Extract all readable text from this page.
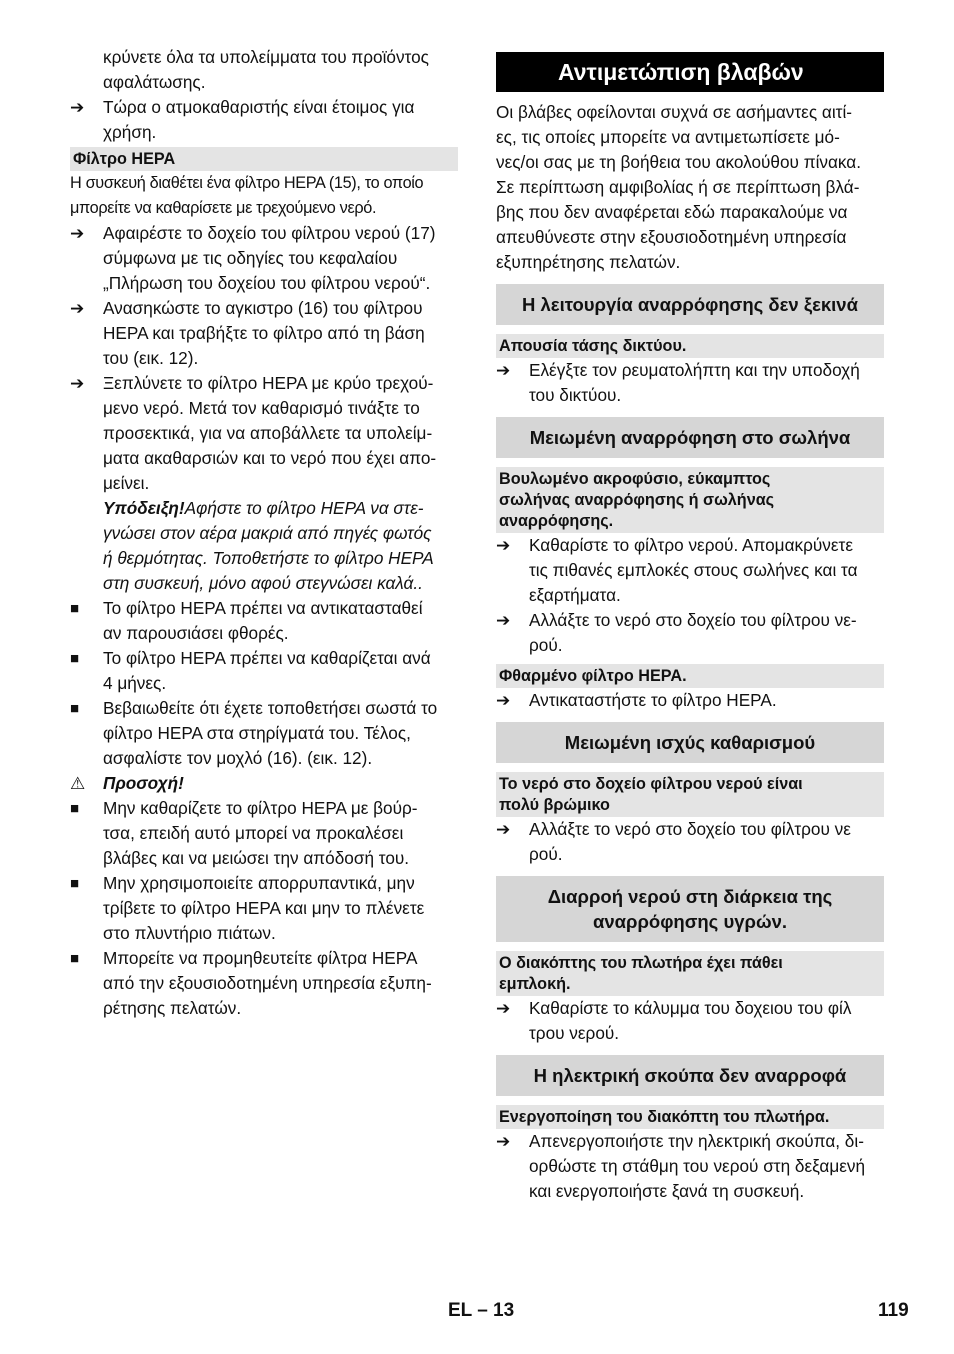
κρύνετε όλα τα υπολείμματα του προϊόντος

αφαλάτωσης.

➔	Τώρα ο ατμοκαθαριστής είναι έτοιμος για

χρήση.

Φίλτρο HEPA

Η συσκευή διαθέτει ένα φίλτρο HEPA (15), το οποίο

μπορείτε να καθαρίσετε με τρεχούμενο νερό.

➔	Αφαιρέστε το δοχείο του φίλτρου νερού (17)

σύμφωνα με τις οδηγίες του κεφαλαίου

„Πλήρωση του δοχείου του φίλτρου νερού“.

➔	Ανασηκώστε το αγκιστρο (16) του φίλτρου

HEPA και τραβήξτε το φίλτρο από τη βάση

του (εικ. 12).

➔	Ξεπλύνετε το φίλτρο HEPA με κρύο τρεχού-

μενο νερό. Μετά τον καθαρισμό τινάξτε το

προσεκτικά, για να αποβάλλετε τα υπολείμ-

ματα ακαθαρσιών και το νερό που έχει απο-

μείνει.

Υπόδειξη!Αφήστε το φίλτρο HEPA να στε-

γνώσει στον αέρα μακριά από πηγές φωτός

ή θερμότητας. Τοποθετήστε το φίλτρο HEPA

στη συσκευή, μόνο αφού στεγνώσει καλά..

■	Το φίλτρο HEPA πρέπει να αντικατασταθεί

αν παρουσιάσει φθορές.

■	Το φίλτρο HEPA πρέπει να καθαρίζεται ανά

4 μήνες.

■	Βεβαιωθείτε ότι έχετε τοποθετήσει σωστά το

φίλτρο HEPA στα στηρίγματά του. Τέλος,

ασφαλίστε τον μοχλό (16). (εικ. 12).

⚠	Προσοχή!

■	Μην καθαρίζετε το φίλτρο HEPA με βούρ-

τσα, επειδή αυτό μπορεί να προκαλέσει

βλάβες και να μειώσει την απόδοσή του.

■	Μην χρησιμοποιείτε απορρυπαντικά, μην

τρίβετε το φίλτρο HEPA και μην το πλένετε

στο πλυντήριο πιάτων.

■	Μπορείτε να προμηθευτείτε φίλτρα HEPA

από την εξουσιοδοτημένη υπηρεσία εξυπη-

ρέτησης πελατών.

Αντιμετώπιση βλαβών

Οι βλάβες οφείλονται συχνά σε ασήμαντες αιτί-

ες, τις οποίες μπορείτε να αντιμετωπίσετε μό-

νες/οι σας με τη βοήθεια του ακολούθου πίνακα.

Σε περίπτωση αμφιβολίας ή σε περίπτωση βλά-

βης που δεν αναφέρεται εδώ παρακαλούμε να

απευθύνεστε στην εξουσιοδοτημένη υπηρεσία

εξυπηρέτησης πελατών.

Η λειτουργία αναρρόφησης δεν ξεκινά
Απουσία τάσης δικτύου.
➔	Ελέγξτε τον ρευματολήπτη και την υποδοχή

του δικτύου.

Μειωμένη αναρρόφηση στο σωλήνα

Βουλωμένο ακροφύσιο, εύκαμπτος

σωλήνας αναρρόφησης ή σωλήνας

αναρρόφησης.

➔	Καθαρίστε το φίλτρο νερού. Απομακρύνετε

τις πιθανές εμπλοκές στους σωλήνες και τα

εξαρτήματα.

➔	Αλλάξτε το νερό στο δοχείο του φίλτρου νε-

ρού.

Φθαρμένο φίλτρο HEPA.
➔	Αντικαταστήστε το φίλτρο HEPA.

Μειωμένη ισχύς καθαρισμού

Το νερό στο δοχείο φίλτρου νερού είναι

πολύ βρώμικο

➔	Αλλάξτε το νερό στο δοχείο του φίλτρου νε

ρού.

Διαρροή νερού στη διάρκεια της

αναρρόφησης υγρών.

Ο διακόπτης του πλωτήρα έχει πάθει

εμπλοκή.

➔	Καθαρίστε το κάλυμμα του δοχειου του φίλ

τρου νερού.

Η ηλεκτρική σκούπα δεν αναρροφά
Ενεργοποίηση του διακόπτη του πλωτήρα.
➔	Απενεργοποιήστε την ηλεκτρική σκούπα, δι-

ορθώστε τη στάθμη του νερού στη δεξαμενή

και ενεργοποιήστε ξανά τη συσκευή.

EL – 13	119
